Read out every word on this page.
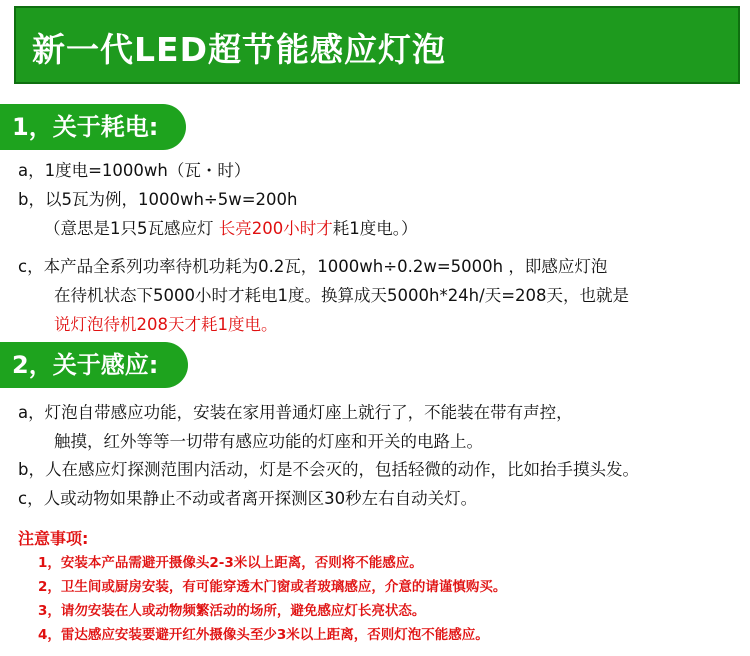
新一代LED超节能感应灯泡
1，关于耗电:
a，1度电=1000wh（瓦・时）
b，以5瓦为例，1000wh÷5w=200h
（意思是1只5瓦感应灯 长亮200小时才耗1度电。）
c，本产品全系列功率待机功耗为0.2瓦，1000wh÷0.2w=5000h ，即感应灯泡
在待机状态下5000小时才耗电1度。换算成天5000h*24h/天=208天，也就是
说灯泡待机208天才耗1度电。
2，关于感应:
a，灯泡自带感应功能，安装在家用普通灯座上就行了，不能装在带有声控，
触摸，红外等等一切带有感应功能的灯座和开关的电路上。
b，人在感应灯探测范围内活动，灯是不会灭的，包括轻微的动作，比如抬手摸头发。
c，人或动物如果静止不动或者离开探测区30秒左右自动关灯。
注意事项:
1，安装本产品需避开摄像头2-3米以上距离，否则将不能感应。
2，卫生间或厨房安装，有可能穿透木门窗或者玻璃感应，介意的请谨慎购买。
3，请勿安装在人或动物频繁活动的场所，避免感应灯长亮状态。
4，雷达感应安装要避开红外摄像头至少3米以上距离，否则灯泡不能感应。
